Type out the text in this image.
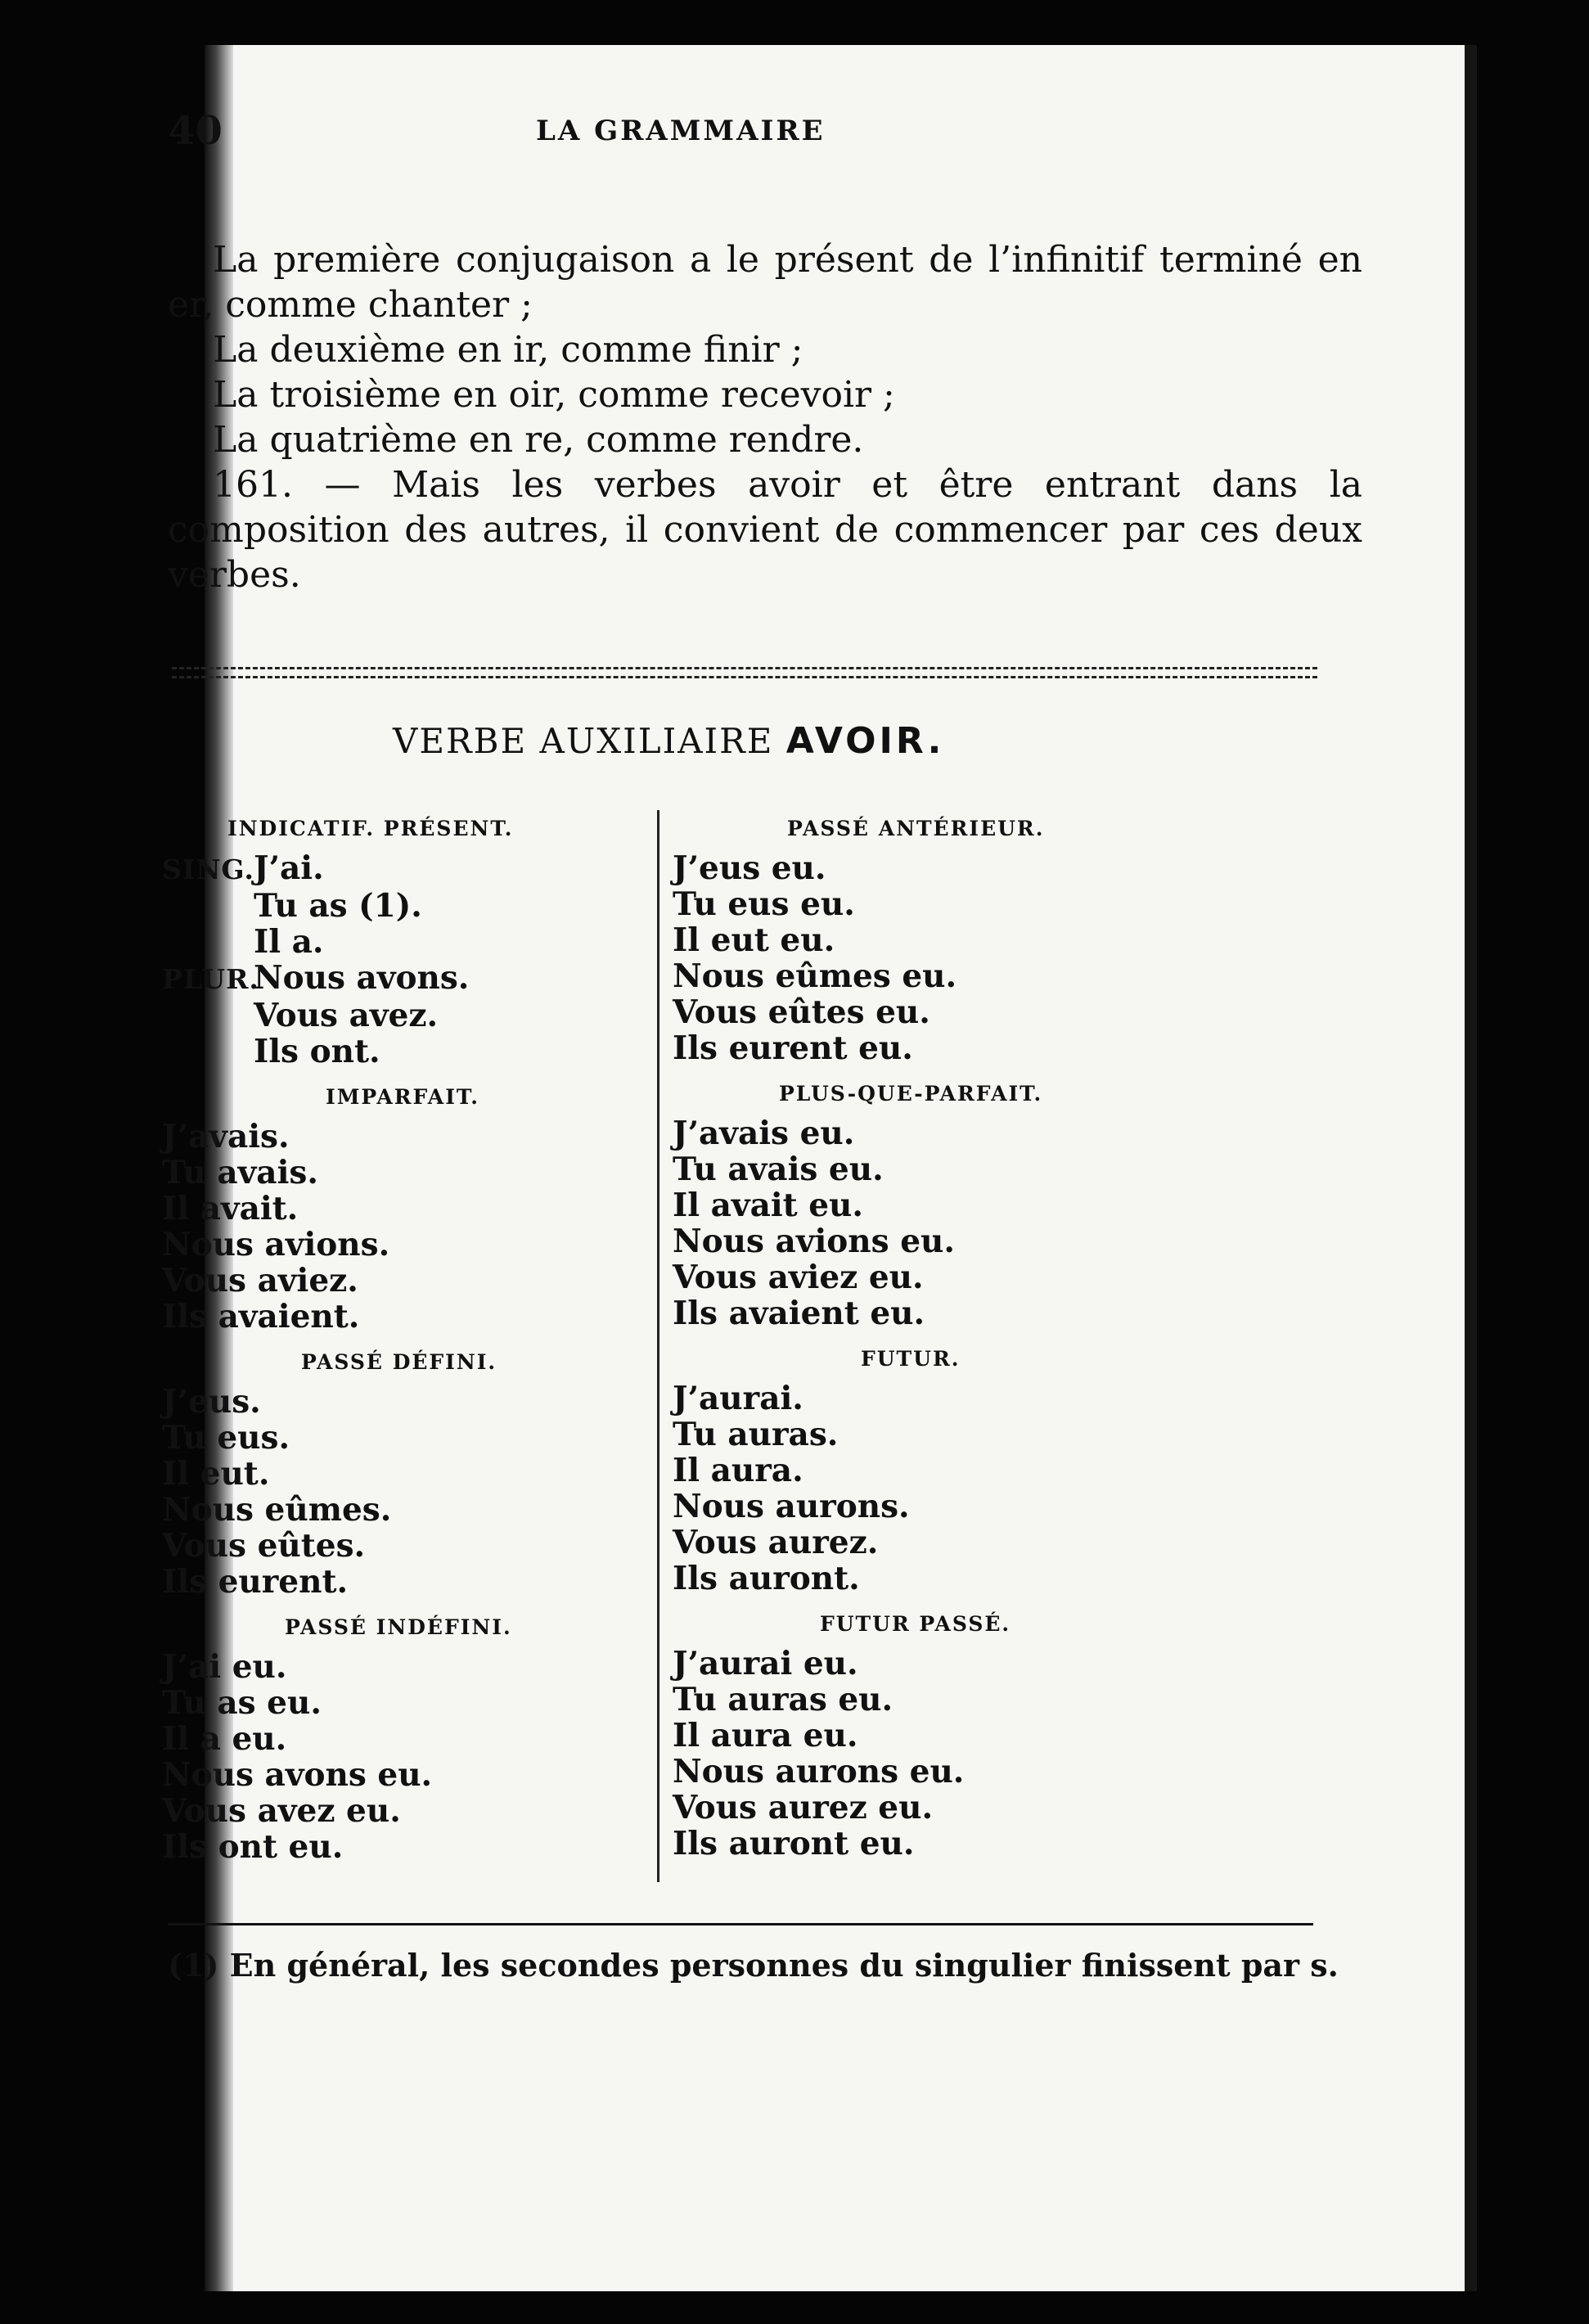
40	LA GRAMMAIRE

La première conjugaison a le présent de l’infinitif terminé en er, comme chanter ;

La deuxième en ir, comme finir ;

La troisième en oir, comme recevoir ;

La quatrième en re, comme rendre.

161. — Mais les verbes avoir et être entrant dans la composition des autres, il convient de commencer par ces deux verbes.

VERBE AUXILIAIRE AVOIR.
INDICATIF. PRÉSENT.
SING.J’ai.
Tu as (1).
Il a.
PLUR.Nous avons.
Vous avez.
Ils ont.
IMPARFAIT.
J’avais.
Tu avais.
Il avait.
Nous avions.
Vous aviez.
Ils avaient.
PASSÉ DÉFINI.
J’eus.
Tu eus.
Il eut.
Nous eûmes.
Vous eûtes.
Ils eurent.
PASSÉ INDÉFINI.
J’ai eu.
Tu as eu.
Il a eu.
Nous avons eu.
Vous avez eu.
Ils ont eu.
PASSÉ ANTÉRIEUR.
J’eus eu.
Tu eus eu.
Il eut eu.
Nous eûmes eu.
Vous eûtes eu.
Ils eurent eu.
PLUS-QUE-PARFAIT.
J’avais eu.
Tu avais eu.
Il avait eu.
Nous avions eu.
Vous aviez eu.
Ils avaient eu.
FUTUR.
J’aurai.
Tu auras.
Il aura.
Nous aurons.
Vous aurez.
Ils auront.
FUTUR PASSÉ.
J’aurai eu.
Tu auras eu.
Il aura eu.
Nous aurons eu.
Vous aurez eu.
Ils auront eu.
(1) En général, les secondes personnes du singulier finissent par s.
